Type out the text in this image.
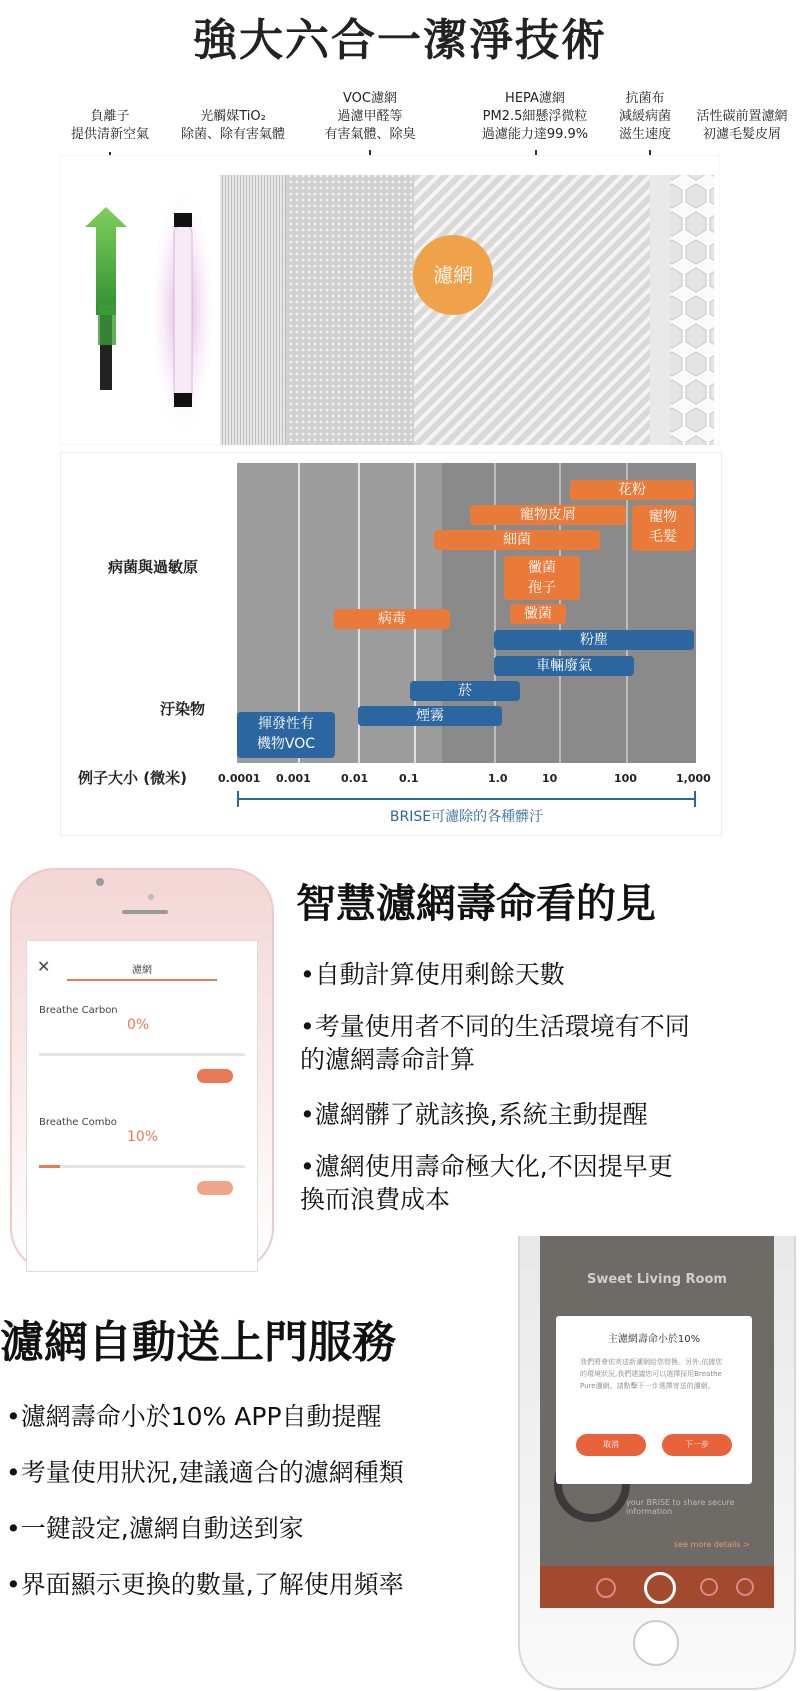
強大六合一潔淨技術
負離子
提供清新空氣
光觸媒TiO₂
除菌、除有害氣體
VOC濾網
過濾甲醛等
有害氣體、除臭
HEPA濾網
PM2.5細懸浮微粒
過濾能力達99.9%
抗菌布
減緩病菌
滋生速度
活性碳前置濾網
初濾毛髮皮屑
濾網
病菌與過敏原
汙染物
花粉
寵物皮屑	寵物
毛髮
細菌
黴菌
孢子
病毒	黴菌
粉塵
車輛廢氣
菸
煙霧
揮發性有
機物VOC
例子大小 (微米)	0.0001 0.001	0.01	0.1	1.0	10	100	1,000
BRISE可濾除的各種髒汙
✕	濾網
Breathe Carbon
0%
Breathe Combo
10%
智慧濾網壽命看的見
•自動計算使用剩餘天數
•考量使用者不同的生活環境有不同
的濾網壽命計算
•濾網髒了就該換,系統主動提醒
•濾網使用壽命極大化,不因提早更
換而浪費成本
濾網自動送上門服務
•濾網壽命小於10% APP自動提醒
•考量使用狀況,建議適合的濾網種類
•一鍵設定,濾網自動送到家
•界面顯示更換的數量,了解使用頻率
Sweet Living Room
your BRISE to share secure information
see more details >
主濾網壽命小於10%
我們將會依寄送新濾網給您替換。另外,依據您的環境狀況,我們建議您可以選擇採用Breathe Pure濾網。請點擊下一步選擇寄送的濾網。
取消	下一步
